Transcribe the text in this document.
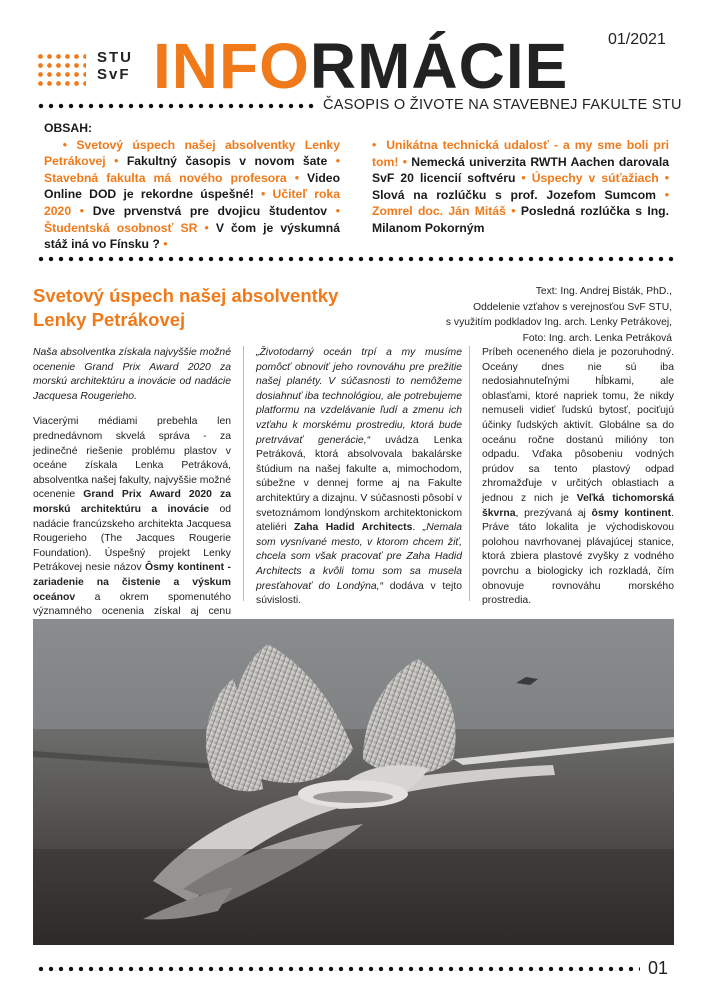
STU
SvF INFORMÁCIE 01/2021
ČASOPIS O ŽIVOTE NA STAVEBNEJ FAKULTE STU
OBSAH:
• Svetový úspech našej absolventky Lenky Petrákovej • Fakultný časopis v novom šate • Stavebná fakulta má nového profesora • Video Online DOD je rekordne úspešné! • Učiteľ roka 2020 • Dve prvenstvá pre dvojicu študentov • Študentská osobnosť SR • V čom je výskumná stáž iná vo Fínsku ? •
•  Unikátna technická udalosť - a my sme boli pri tom! • Nemecká univerzita RWTH Aachen darovala SvF 20 licencií softvéru • Úspechy v súťažiach • Slová na rozlúčku s prof. Jozefom Sumcom • Zomrel doc. Ján Mitáš • Posledná rozlúčka s Ing. Milanom Pokorným
Svetový úspech našej absolventky Lenky Petrákovej
Text: Ing. Andrej Bisták, PhD.,
Oddelenie vzťahov s verejnosťou SvF STU,
s využitím podkladov Ing. arch. Lenky Petrákovej,
Foto: Ing. arch. Lenka Petráková

Naša absolventka získala najvyššie možné ocenenie Grand Prix Award 2020 za morskú architektúru a inovácie od nadácie Jacquesa Rougerieho.

Viacerými médiami prebehla len prednedávnom skvelá správa - za jedinečné riešenie problému plastov v oceáne získala Lenka Petráková, absolventka našej fakulty, najvyššie možné ocenenie Grand Prix Award 2020 za morskú architektúru a inovácie od nadácie francúzskeho architekta Jacquesa Rougerieho (The Jacques Rougerie Foundation). Úspešný projekt Lenky Petrákovej nesie názov Ôsmy kontinent - zariadenie na čistenie a výskum oceánov a okrem spomenutého významného ocenenia získal aj cenu

„Životodarný oceán trpí a my musíme pomôcť obnoviť jeho rovnováhu pre prežitie našej planéty. V súčasnosti to nemôžeme dosiahnuť iba technológiou, ale potrebujeme platformu na vzdelávanie ľudí a zmenu ich vzťahu k morskému prostrediu, ktorá bude pretrvávať generácie,“ uvádza Lenka Petráková, ktorá absolvovala bakalárske štúdium na našej fakulte a, mimochodom, súbežne v dennej forme aj na Fakulte architektúry a dizajnu. V súčasnosti pôsobí v svetoznámom londýnskom architektonickom ateliéri Zaha Hadid Architects. „Nemala som vysnívané mesto, v ktorom chcem žiť, chcela som však pracovať pre Zaha Hadid Architects a kvôli tomu som sa musela presťahovať do Londýna,“ dodáva v tejto súvislosti.

Príbeh oceneného diela je pozoruhodný. Oceány dnes nie sú iba nedosiahnuteľnými hĺbkami, ale oblasťami, ktoré napriek tomu, že nikdy nemuseli vidieť ľudskú bytosť, pociťujú účinky ľudských aktivít. Globálne sa do oceánu ročne dostanú milióny ton odpadu. Vďaka pôsobeniu vodných prúdov sa tento plastový odpad zhromažďuje v určitých oblastiach a jednou z nich je Veľká tichomorská škvrna, prezývaná aj ôsmy kontinent. Práve táto lokalita je východiskovou polohou navrhovanej plávajúcej stanice, ktorá zbiera plastové zvyšky z vodného povrchu a biologicky ich rozkladá, čím obnovuje rovnováhu morského prostredia.

01
